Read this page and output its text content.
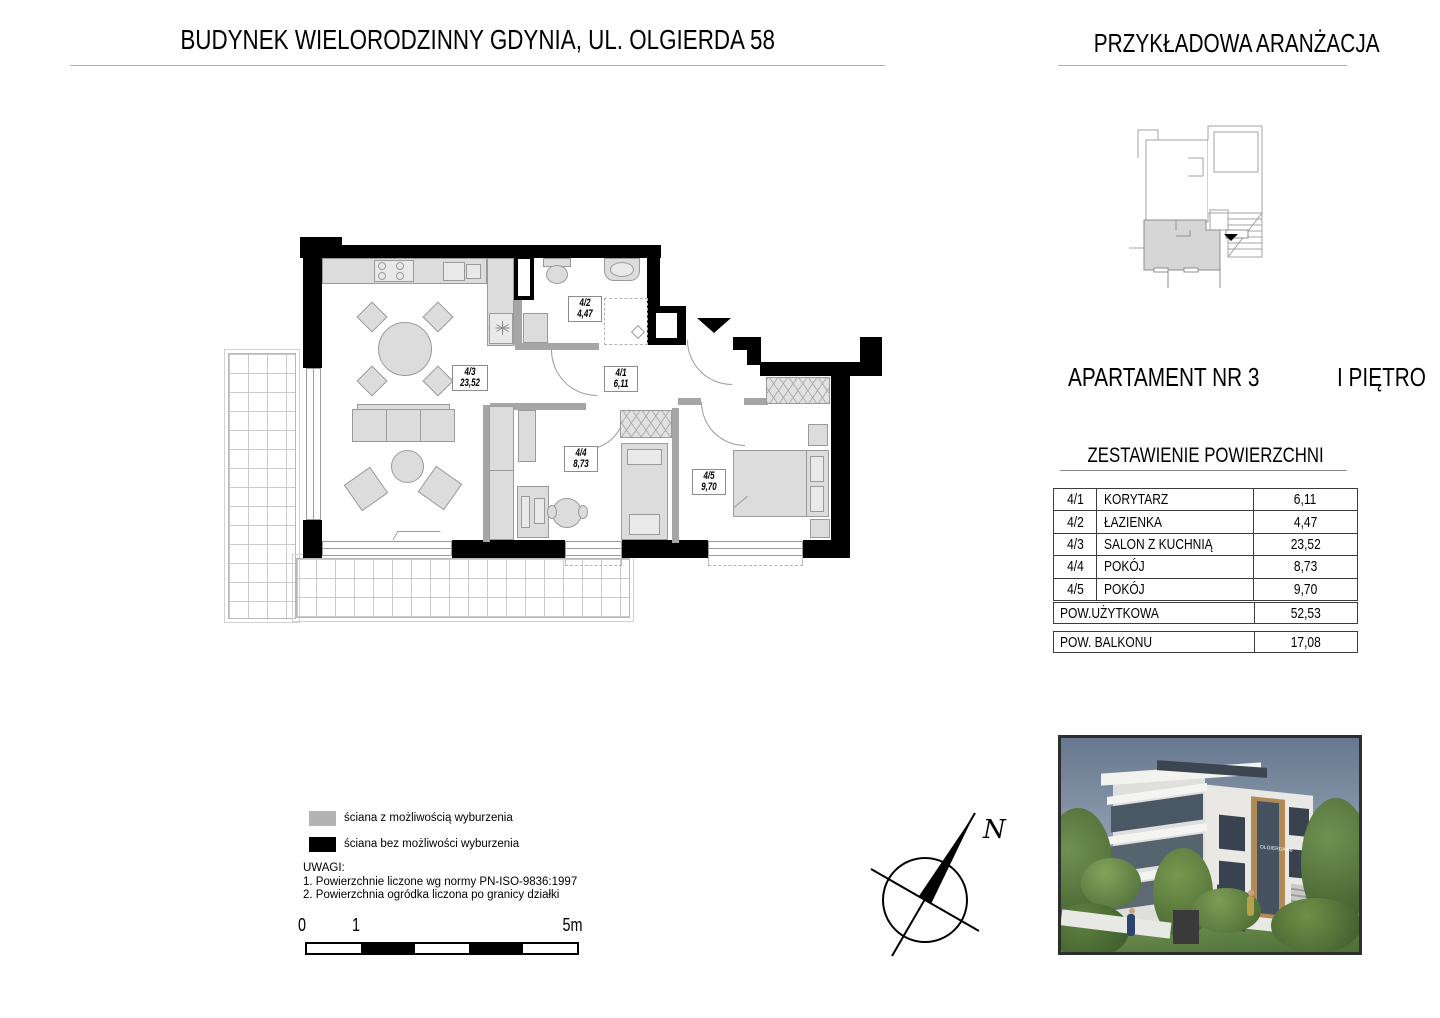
BUDYNEK WIELORODZINNY GDYNIA, UL. OLGIERDA 58	PRZYKŁADOWA ARANŻACJA
APARTAMENT NR 3	I PIĘTRO
ZESTAWIENIE POWIERZCHNI
4/1	KORYTARZ	6,11
4/2	ŁAZIENKA	4,47
4/3	SALON Z KUCHNIĄ	23,52
4/4	POKÓJ	8,73
4/5	POKÓJ	9,70
POW.UŻYTKOWA	52,53
POW. BALKONU	17,08
4/3
23,52
4/2
4,47
4/1
6,11
4/4
8,73
4/5
9,70
ściana z możliwością wyburzenia
ściana bez możliwości wyburzenia
UWAGI:
1. Powierzchnie liczone wg normy PN-ISO-9836:1997
2. Powierzchnia ogródka liczona po granicy działki
0	1	5m
N
OLGIERDA 58
